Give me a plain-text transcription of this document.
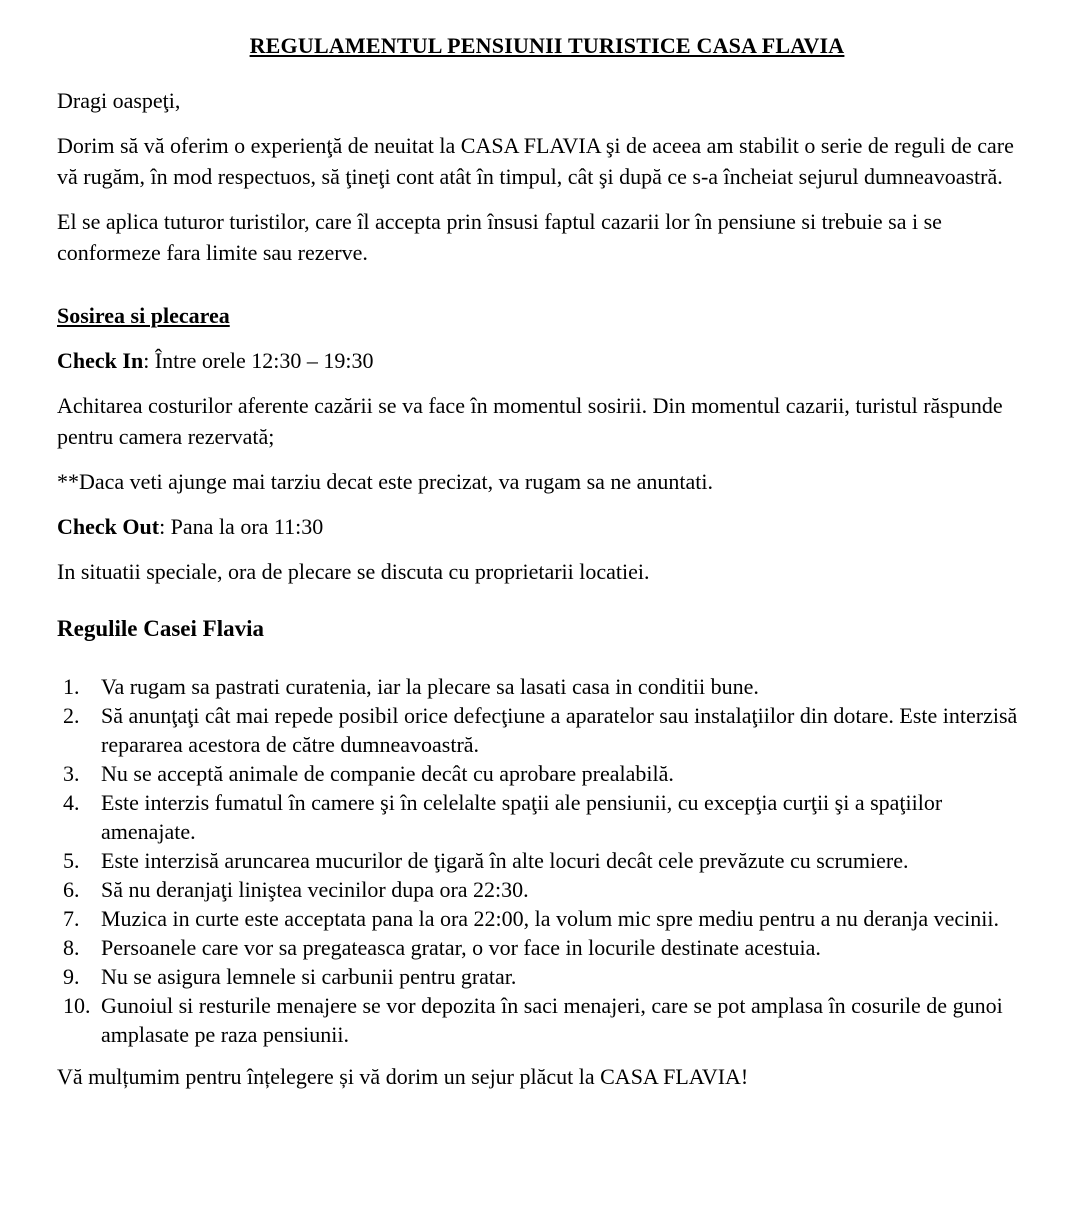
REGULAMENTUL PENSIUNII TURISTICE CASA FLAVIA

Dragi oaspeţi,

Dorim să vă oferim o experienţă de neuitat la CASA FLAVIA şi de aceea am stabilit o serie de reguli de care vă rugăm, în mod respectuos, să ţineţi cont atât în timpul, cât şi după ce s-a încheiat sejurul dumneavoastră.

El se aplica tuturor turistilor, care îl accepta prin însusi faptul cazarii lor în pensiune si trebuie sa i se conformeze fara limite sau rezerve.

Sosirea si plecarea

Check In: Între orele 12:30 – 19:30

Achitarea costurilor aferente cazării se va face în momentul sosirii. Din momentul cazarii, turistul răspunde pentru camera rezervată;

**Daca veti ajunge mai tarziu decat este precizat, va rugam sa ne anuntati.

Check Out: Pana la ora 11:30

In situatii speciale, ora de plecare se discuta cu proprietarii locatiei.

Regulile Casei Flavia
1. Va rugam sa pastrati curatenia, iar la plecare sa lasati casa in conditii bune.
2. Să anunţaţi cât mai repede posibil orice defecţiune a aparatelor sau instalaţiilor din dotare. Este interzisă repararea acestora de către dumneavoastră.
3. Nu se acceptă animale de companie decât cu aprobare prealabilă.
4. Este interzis fumatul în camere şi în celelalte spaţii ale pensiunii, cu excepţia curţii şi a spaţiilor amenajate.
5. Este interzisă aruncarea mucurilor de ţigară în alte locuri decât cele prevăzute cu scrumiere.
6. Să nu deranjaţi liniştea vecinilor dupa ora 22:30.
7. Muzica in curte este acceptata pana la ora 22:00, la volum mic spre mediu pentru a nu deranja vecinii.
8. Persoanele care vor sa pregateasca gratar, o vor face in locurile destinate acestuia.
9. Nu se asigura lemnele si carbunii pentru gratar.
10. Gunoiul si resturile menajere se vor depozita în saci menajeri, care se pot amplasa în cosurile de gunoi amplasate pe raza pensiunii.

Vă mulțumim pentru înțelegere și vă dorim un sejur plăcut la CASA FLAVIA!
